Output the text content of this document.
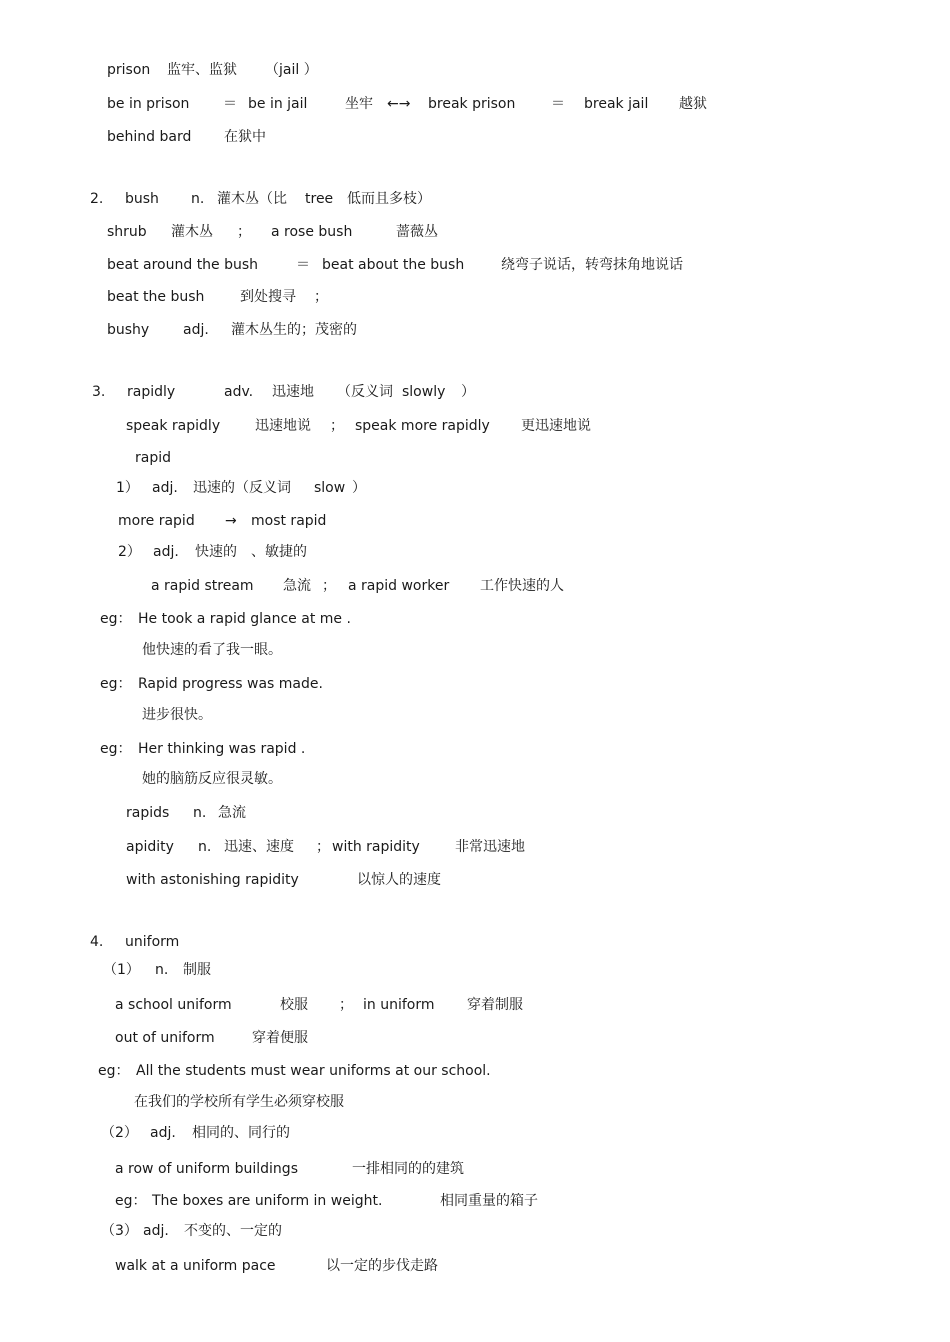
prison 监牢、监狱 （jail ）
be in prison ＝ be in jail	坐牢 ←→ break prison	＝ break jail 越狱
behind bard 在狱中
2. bush n. 灌木丛（比 tree 低而且多枝）
shrub 灌木丛 ； a rose bush	蔷薇丛
beat around the bush	＝ beat about the bush	绕弯子说话，转弯抹角地说话
beat the bush	到处搜寻 ；
bushy adj. 灌木丛生的；茂密的
3. rapidly	adv. 迅速地 （反义词 slowly ）
speak rapidly 迅速地说 ； speak more rapidly 更迅速地说
rapid
1） adj. 迅速的（反义词 slow ）
more rapid → most rapid
2） adj. 快速的 、敏捷的
a rapid stream 急流 ； a rapid worker 工作快速的人
eg： He took a rapid glance at me .
他快速的看了我一眼。
eg： Rapid progress was made.
进步很快。
eg： Her thinking was rapid .
她的脑筋反应很灵敏。
rapids n. 急流
apidity n. 迅速、速度 ； with rapidity	非常迅速地
with astonishing rapidity	以惊人的速度
4. uniform
（1） n. 制服
a school uniform	校服 ； in uniform 穿着制服
out of uniform	穿着便服
eg： All the students must wear uniforms at our school.
在我们的学校所有学生必须穿校服
（2） adj. 相同的、同行的
a row of uniform buildings	一排相同的的建筑
eg： The boxes are uniform in weight.	相同重量的箱子
（3） adj. 不变的、一定的
walk at a uniform pace	以一定的步伐走路
